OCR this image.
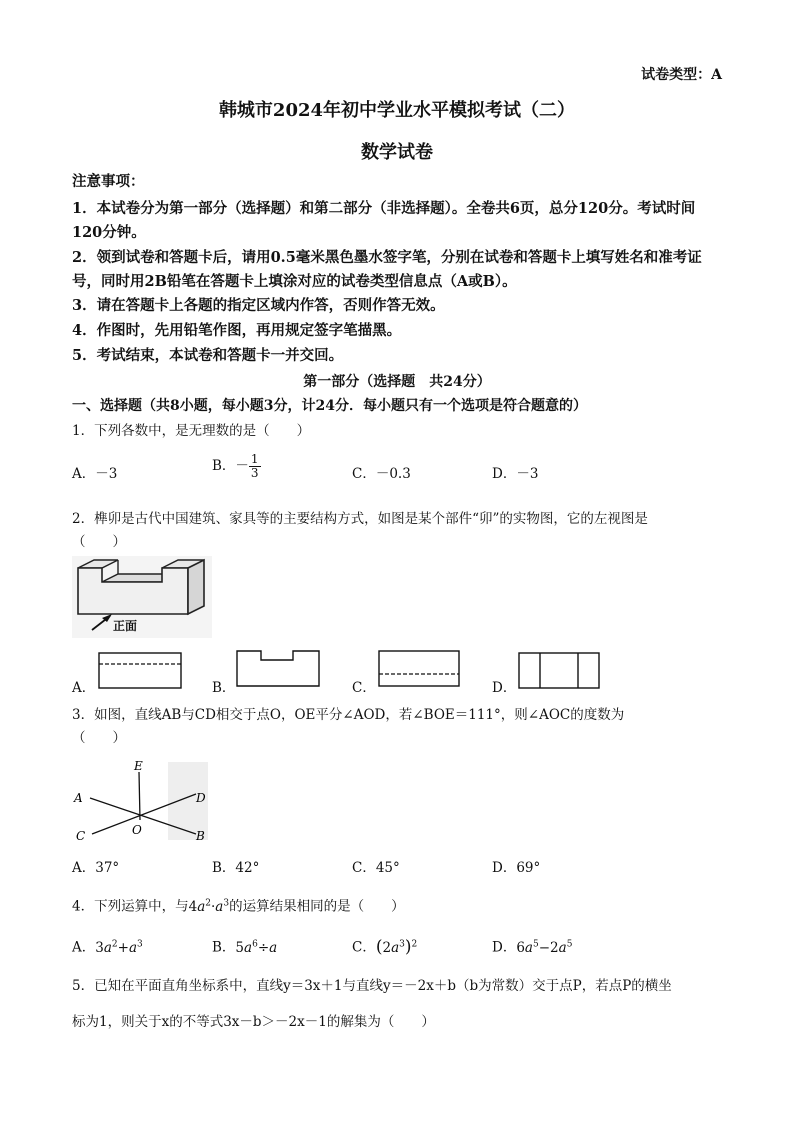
试卷类型：A
韩城市2024年初中学业水平模拟考试（二）
数学试卷
注意事项：
1．本试卷分为第一部分（选择题）和第二部分（非选择题）。全卷共6页，总分120分。考试时间120分钟。
2．领到试卷和答题卡后，请用0.5毫米黑色墨水签字笔，分别在试卷和答题卡上填写姓名和准考证号，同时用2B铅笔在答题卡上填涂对应的试卷类型信息点（A或B）。
3．请在答题卡上各题的指定区域内作答，否则作答无效。
4．作图时，先用铅笔作图，再用规定签字笔描黑。
5．考试结束，本试卷和答题卡一并交回。
第一部分（选择题　共24分）
一、选择题（共8小题，每小题3分，计24分．每小题只有一个选项是符合题意的）
1．下列各数中，是无理数的是（　　）
A．－3	B．－ $\frac{1}{3}$	C．－0.3	D．－3
2．榫卯是古代中国建筑、家具等的主要结构方式，如图是某个部件“卯”的实物图，它的左视图是
（　　）
正面
A．	B．	C．	D．
3．如图，直线AB与CD相交于点O，OE平分∠AOD，若∠BOE＝111°，则∠AOC的度数为
（　　）
E
A	D
C	O	B
A．37°	B．42°	C．45°	D．69°
4．下列运算中，与$4a^2\cdot a^3$的运算结果相同的是（　　）
A．$3a^2+a^3$	B．$5a^6\div a$	C．$(2a^3)^2$	D．$6a^5-2a^5$
5．已知在平面直角坐标系中，直线y＝3x＋1与直线y＝－2x＋b（b为常数）交于点P，若点P的横坐
标为1，则关于x的不等式3x－b＞－2x－1的解集为（　　）
